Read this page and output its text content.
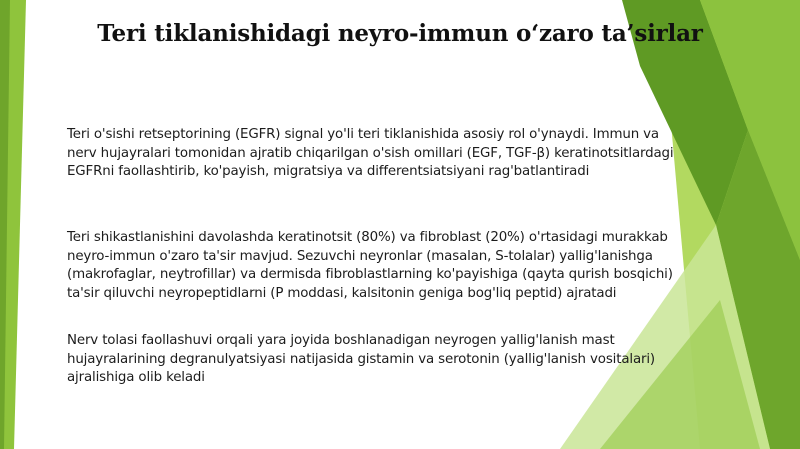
Teri tiklanishidagi neyro-immun o‘zaro ta’sirlar
Teri o'sishi retseptorining (EGFR) signal yo'li teri tiklanishida asosiy rol o'ynaydi. Immun va
nerv hujayralari tomonidan ajratib chiqarilgan o'sish omillari (EGF, TGF-β) keratinotsitlardagi
EGFRni faollashtirib, ko'payish, migratsiya va differentsiatsiyani rag'batlantiradi
Teri shikastlanishini davolashda keratinotsit (80%) va fibroblast (20%) o'rtasidagi murakkab
neyro-immun o'zaro ta'sir mavjud. Sezuvchi neyronlar (masalan, S-tolalar) yallig'lanishga
(makrofaglar, neytrofillar) va dermisda fibroblastlarning ko'payishiga (qayta qurish bosqichi)
ta'sir qiluvchi neyropeptidlarni (P moddasi, kalsitonin geniga bog'liq peptid) ajratadi
Nerv tolasi faollashuvi orqali yara joyida boshlanadigan neyrogen yallig'lanish mast
hujayralarining degranulyatsiyasi natijasida gistamin va serotonin (yallig'lanish vositalari)
ajralishiga olib keladi
